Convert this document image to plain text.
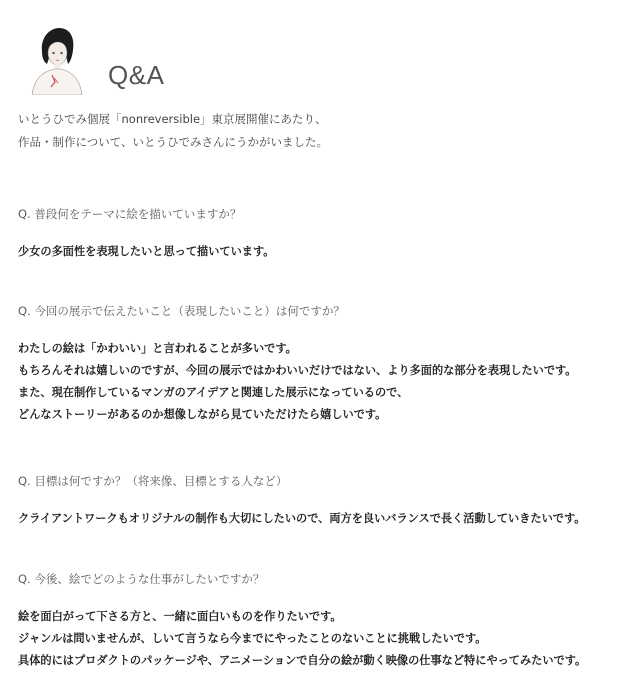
Q&A
いとうひでみ個展「nonreversible」東京展開催にあたり、
作品・制作について、いとうひでみさんにうかがいました。
Q. 普段何をテーマに絵を描いていますか？
少女の多面性を表現したいと思って描いています。
Q. 今回の展示で伝えたいこと（表現したいこと）は何ですか？
わたしの絵は「かわいい」と言われることが多いです。
もちろんそれは嬉しいのですが、今回の展示ではかわいいだけではない、より多面的な部分を表現したいです。
また、現在制作しているマンガのアイデアと関連した展示になっているので、
どんなストーリーがあるのか想像しながら見ていただけたら嬉しいです。
Q. 目標は何ですか？（将来像、目標とする人など）
クライアントワークもオリジナルの制作も大切にしたいので、両方を良いバランスで長く活動していきたいです。
Q. 今後、絵でどのような仕事がしたいですか？
絵を面白がって下さる方と、一緒に面白いものを作りたいです。
ジャンルは問いませんが、しいて言うなら今までにやったことのないことに挑戦したいです。
具体的にはプロダクトのパッケージや、アニメーションで自分の絵が動く映像の仕事など特にやってみたいです。
